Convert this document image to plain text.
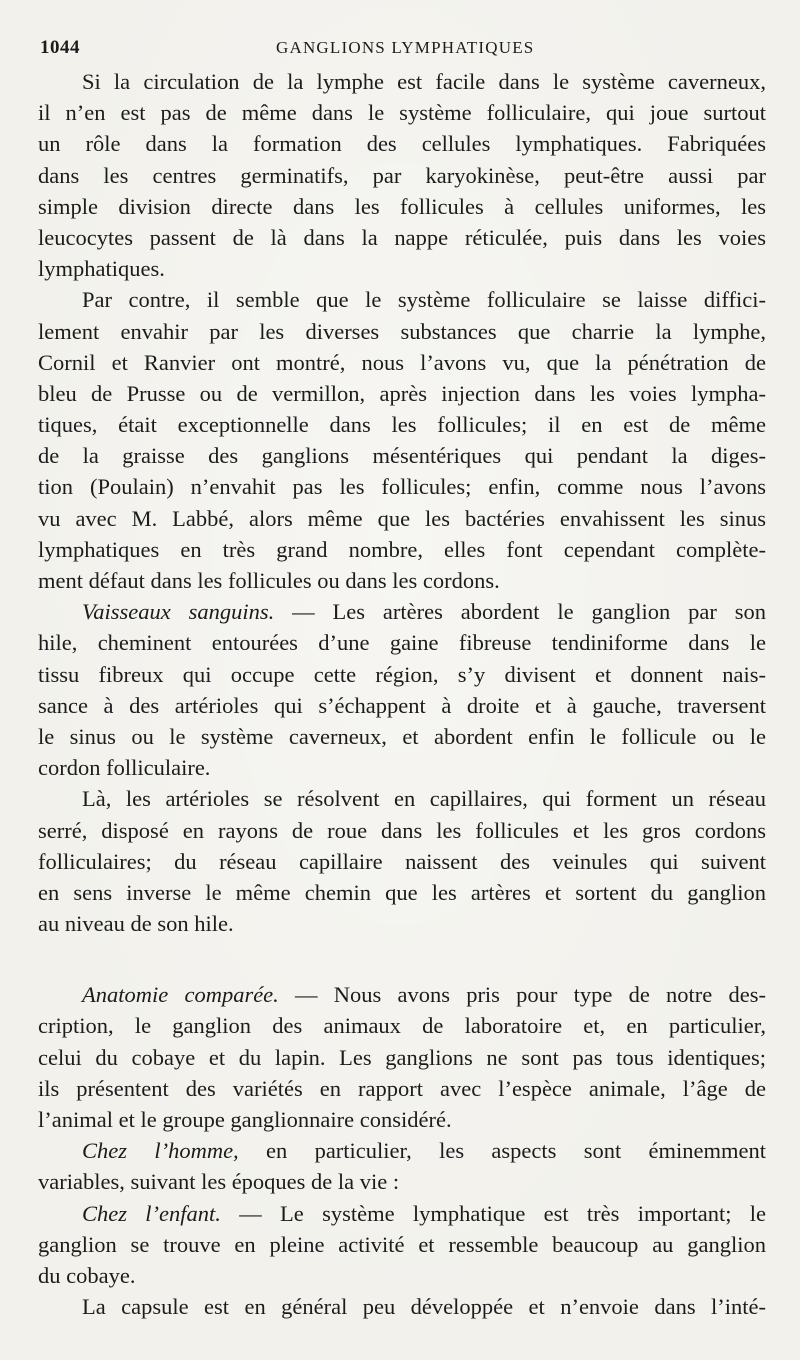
1044	GANGLIONS LYMPHATIQUES
Si la circulation de la lymphe est facile dans le système caverneux,
il n’en est pas de même dans le système folliculaire, qui joue surtout
un rôle dans la formation des cellules lymphatiques. Fabriquées
dans les centres germinatifs, par karyokinèse, peut-être aussi par
simple division directe dans les follicules à cellules uniformes, les
leucocytes passent de là dans la nappe réticulée, puis dans les voies
lymphatiques.
Par contre, il semble que le système folliculaire se laisse diffici-
lement envahir par les diverses substances que charrie la lymphe,
Cornil et Ranvier ont montré, nous l’avons vu, que la pénétration de
bleu de Prusse ou de vermillon, après injection dans les voies lympha-
tiques, était exceptionnelle dans les follicules; il en est de même
de la graisse des ganglions mésentériques qui pendant la diges-
tion (Poulain) n’envahit pas les follicules; enfin, comme nous l’avons
vu avec M. Labbé, alors même que les bactéries envahissent les sinus
lymphatiques en très grand nombre, elles font cependant complète-
ment défaut dans les follicules ou dans les cordons.
Vaisseaux sanguins. — Les artères abordent le ganglion par son
hile, cheminent entourées d’une gaine fibreuse tendiniforme dans le
tissu fibreux qui occupe cette région, s’y divisent et donnent nais-
sance à des artérioles qui s’échappent à droite et à gauche, traversent
le sinus ou le système caverneux, et abordent enfin le follicule ou le
cordon folliculaire.
Là, les artérioles se résolvent en capillaires, qui forment un réseau
serré, disposé en rayons de roue dans les follicules et les gros cordons
folliculaires; du réseau capillaire naissent des veinules qui suivent
en sens inverse le même chemin que les artères et sortent du ganglion
au niveau de son hile.
Anatomie comparée. — Nous avons pris pour type de notre des-
cription, le ganglion des animaux de laboratoire et, en particulier,
celui du cobaye et du lapin. Les ganglions ne sont pas tous identiques;
ils présentent des variétés en rapport avec l’espèce animale, l’âge de
l’animal et le groupe ganglionnaire considéré.
Chez l’homme, en particulier, les aspects sont éminemment
variables, suivant les époques de la vie :
Chez l’enfant. — Le système lymphatique est très important; le
ganglion se trouve en pleine activité et ressemble beaucoup au ganglion
du cobaye.
La capsule est en général peu développée et n’envoie dans l’inté-
